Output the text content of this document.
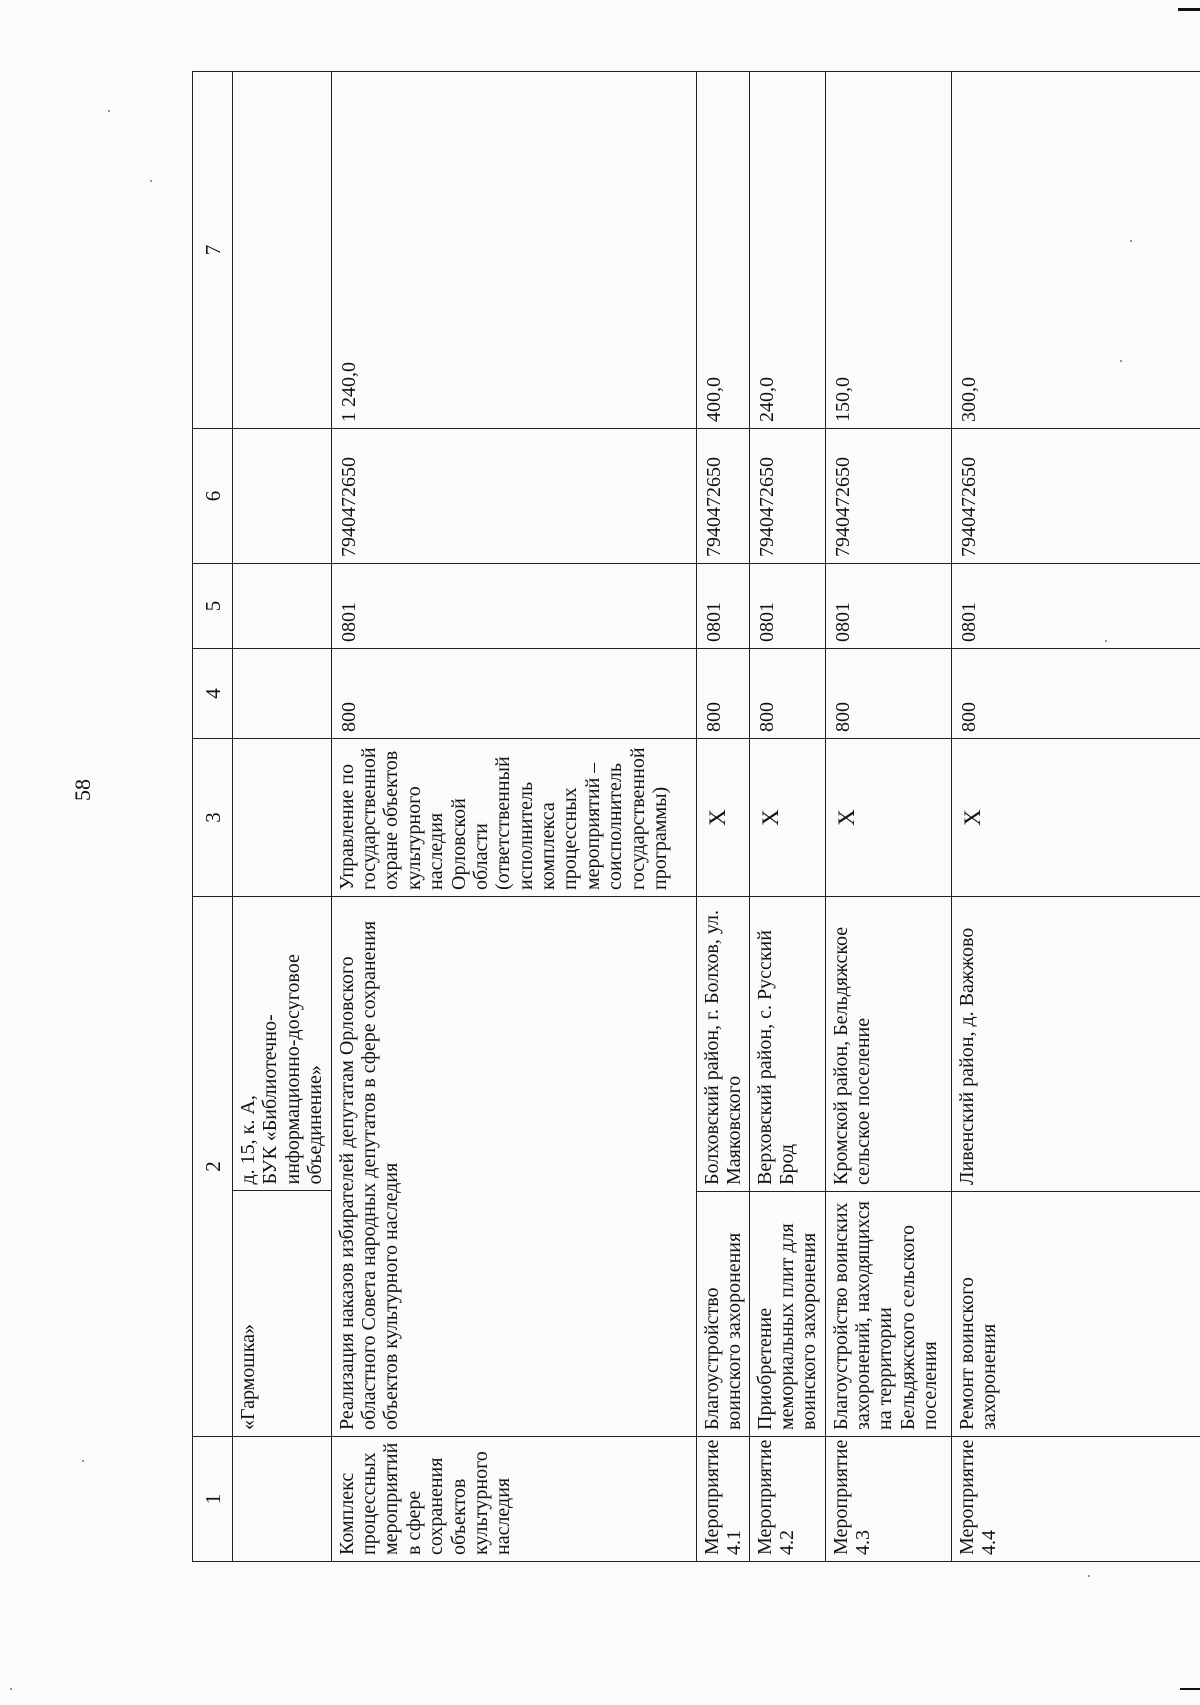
58
1	2	3	4	5	6	7

«Гармошка»	д. 15, к. А,
БУК «Библиотечно-информационно-досуговое объединение»

Комплекс процессных мероприятий в сфере сохранения объектов культурного наследия	Реализация наказов избирателей депутатам Орловского областного Совета народных депутатов в сфере сохранения объектов культурного наследия	Управление по государственной охране объектов культурного наследия Орловской области (ответственный исполнитель комплекса процессных мероприятий – соисполнитель государственной программы)	800	0801	7940472650	1 240,0
Мероприятие 4.1	Благоустройство воинского захоронения	Болховский район, г. Болхов, ул. Маяковского	Х	800	0801	7940472650	400,0
Мероприятие 4.2	Приобретение мемориальных плит для воинского захоронения	Верховский район, с. Русский Брод	Х	800	0801	7940472650	240,0
Мероприятие 4.3	Благоустройство воинских захоронений, находящихся на территории Бельдяжского сельского поселения	Кромской район, Бельдяжское сельское поселение	Х	800	0801	7940472650	150,0
Мероприятие 4.4	Ремонт воинского захоронения	Ливенский район, д. Важжово	Х	800	0801	7940472650	300,0
